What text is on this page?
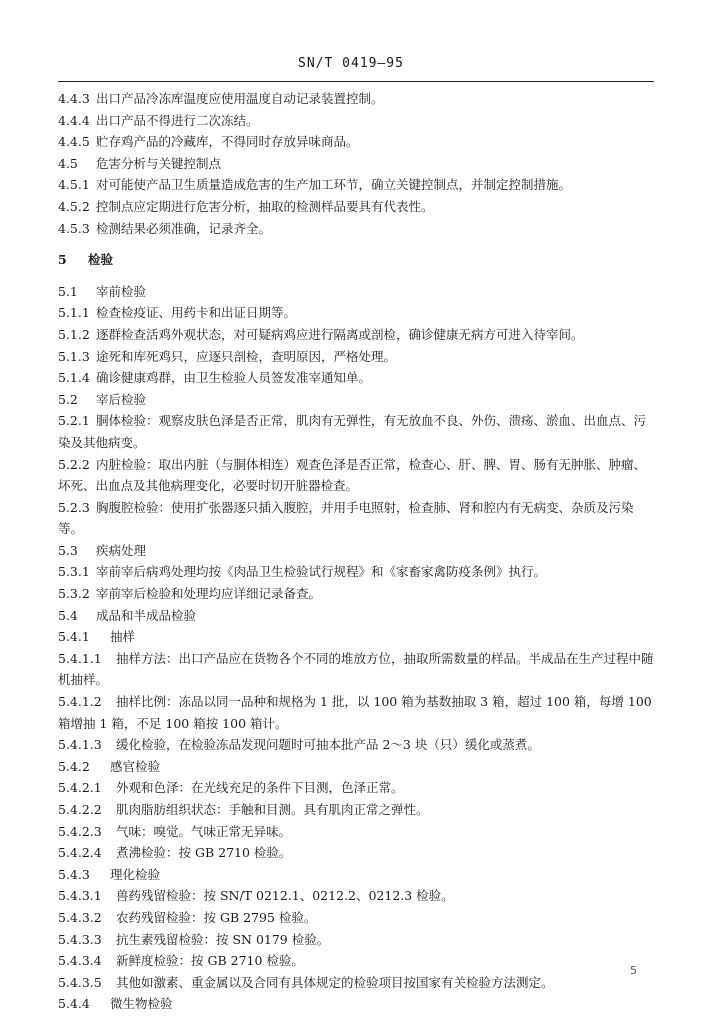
SN/T 0419—95
4.4.3 出口产品冷冻库温度应使用温度自动记录装置控制。
4.4.4 出口产品不得进行二次冻结。
4.4.5 贮存鸡产品的冷藏库，不得同时存放异味商品。
4.5 危害分析与关键控制点
4.5.1 对可能使产品卫生质量造成危害的生产加工环节，确立关键控制点，并制定控制措施。
4.5.2 控制点应定期进行危害分析，抽取的检测样品要具有代表性。
4.5.3 检测结果必须准确，记录齐全。
5 检验
5.1 宰前检验
5.1.1 检查检疫证、用药卡和出证日期等。
5.1.2 逐群检查活鸡外观状态，对可疑病鸡应进行隔离或剖检，确诊健康无病方可进入待宰间。
5.1.3 途死和库死鸡只，应逐只剖检，查明原因，严格处理。
5.1.4 确诊健康鸡群，由卫生检验人员签发准宰通知单。
5.2 宰后检验
5.2.1 胴体检验：观察皮肤色泽是否正常，肌肉有无弹性，有无放血不良、外伤、溃疡、淤血、出血点、污染及其他病变。
5.2.2 内脏检验：取出内脏（与胴体相连）观查色泽是否正常，检查心、肝、脾、胃、肠有无肿胀、肿瘤、坏死、出血点及其他病理变化，必要时切开脏器检查。
5.2.3 胸腹腔检验：使用扩张器逐只插入腹腔，并用手电照射，检查肺、肾和腔内有无病变、杂质及污染等。
5.3 疾病处理
5.3.1 宰前宰后病鸡处理均按《肉品卫生检验试行规程》和《家畜家禽防疫条例》执行。
5.3.2 宰前宰后检验和处理均应详细记录备查。
5.4 成品和半成品检验
5.4.1 抽样
5.4.1.1 抽样方法：出口产品应在货物各个不同的堆放方位，抽取所需数量的样品。半成品在生产过程中随机抽样。
5.4.1.2 抽样比例：冻品以同一品种和规格为 1 批，以 100 箱为基数抽取 3 箱，超过 100 箱，每增 100 箱增抽 1 箱，不足 100 箱按 100 箱计。
5.4.1.3 缓化检验，在检验冻品发现问题时可抽本批产品 2～3 块（只）缓化或蒸煮。
5.4.2 感官检验
5.4.2.1 外观和色泽：在光线充足的条件下目测，色泽正常。
5.4.2.2 肌肉脂肪组织状态：手触和目测。具有肌肉正常之弹性。
5.4.2.3 气味：嗅觉。气味正常无异味。
5.4.2.4 煮沸检验：按 GB 2710 检验。
5.4.3 理化检验
5.4.3.1 兽药残留检验：按 SN/T 0212.1、0212.2、0212.3 检验。
5.4.3.2 农药残留检验：按 GB 2795 检验。
5.4.3.3 抗生素残留检验：按 SN 0179 检验。
5.4.3.4 新鲜度检验：按 GB 2710 检验。
5.4.3.5 其他如激素、重金属以及合同有具体规定的检验项目按国家有关检验方法测定。
5.4.4 微生物检验
5
